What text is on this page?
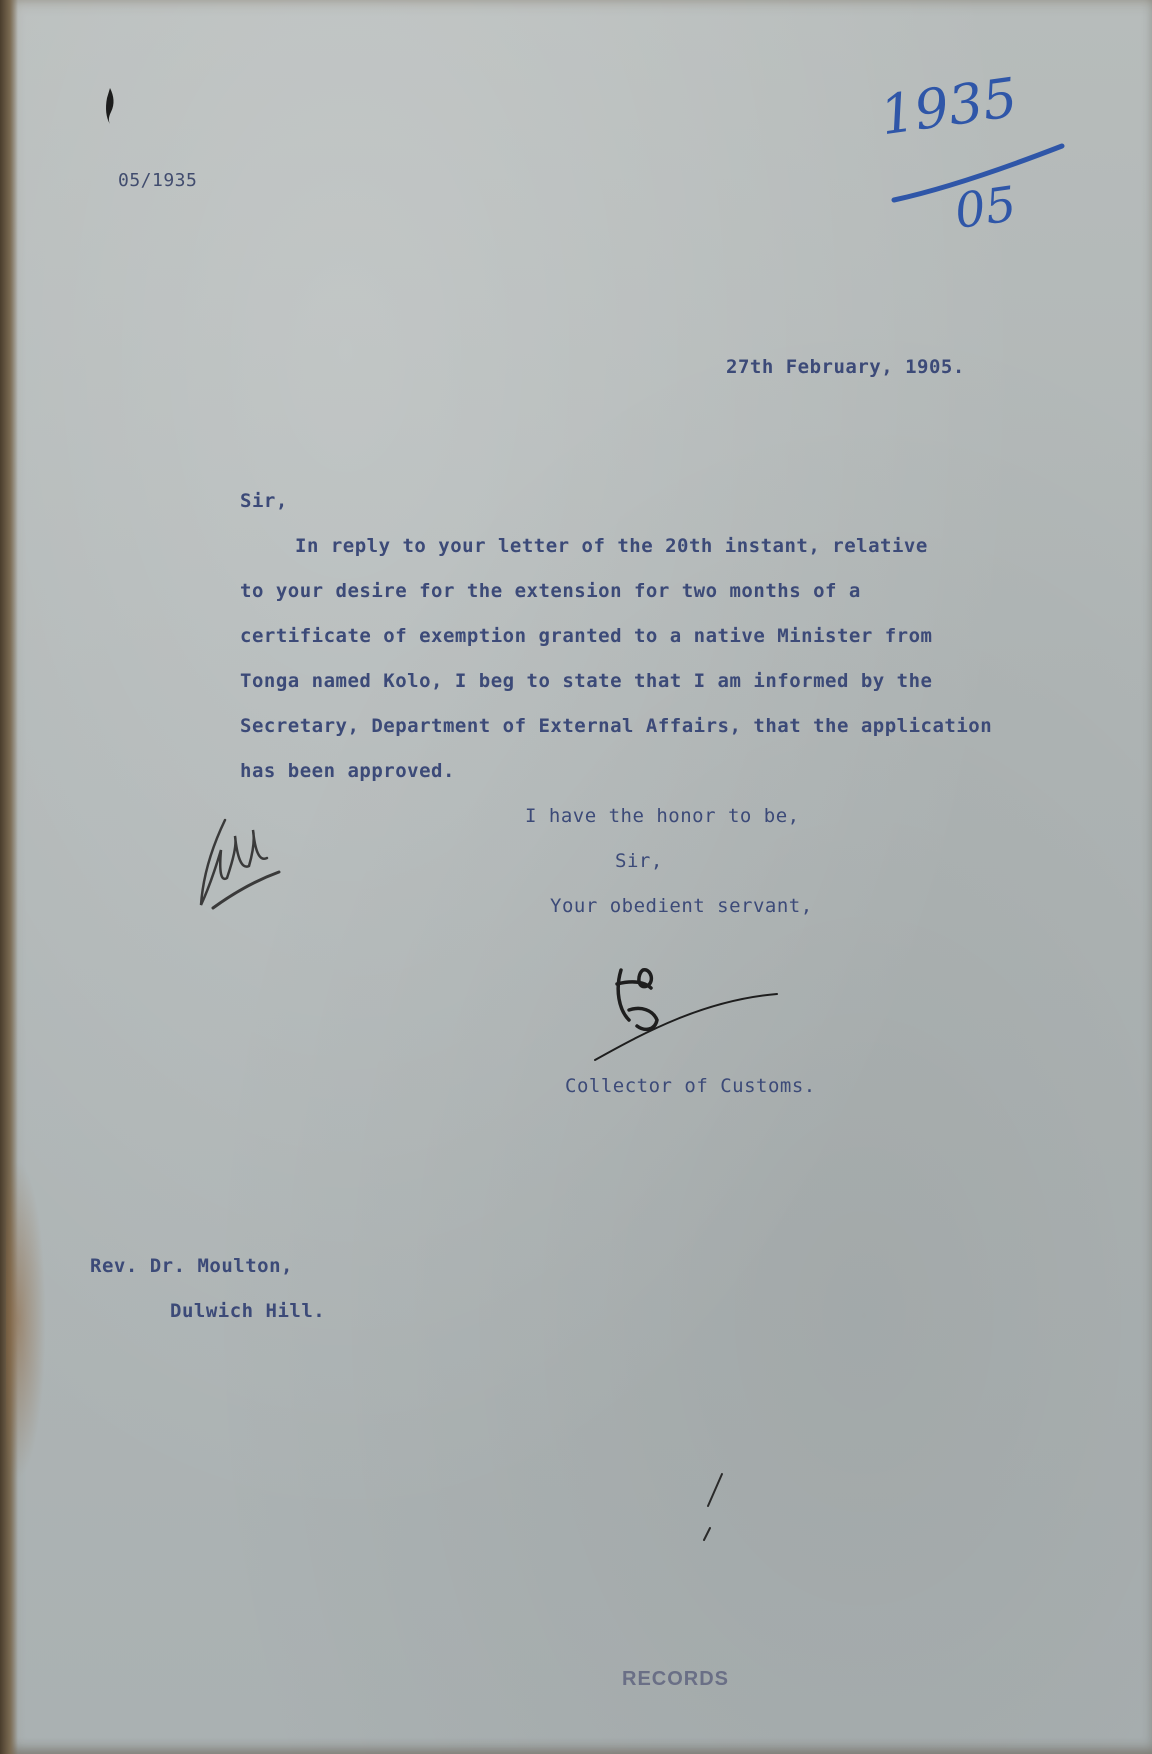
05/1935
1935
05
27th February, 1905.
Sir,
In reply to your letter of the 20th instant, relative
to your desire for the extension for two months of a
certificate of exemption granted to a native Minister from
Tonga named Kolo, I beg to state that I am informed by the
Secretary, Department of External Affairs, that the application
has been approved.
I have the honor to be,
Sir,
Your obedient servant,
Collector of Customs.
Rev. Dr. Moulton,
Dulwich Hill.
RECORDS
